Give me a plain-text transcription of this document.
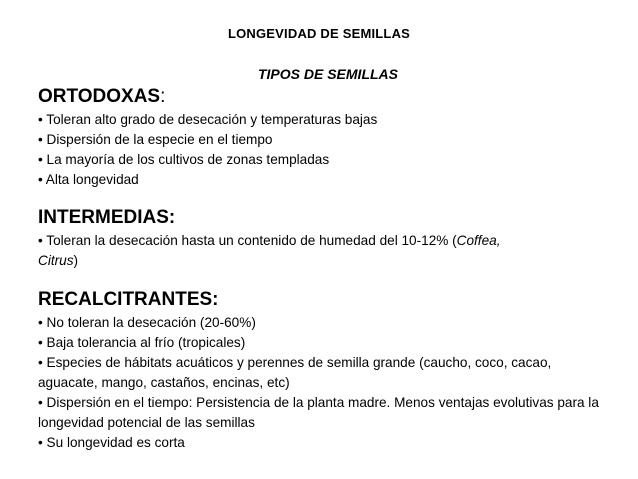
LONGEVIDAD DE SEMILLAS
TIPOS DE SEMILLAS
ORTODOXAS:
• Toleran alto grado de desecación y temperaturas bajas
• Dispersión de la especie en el tiempo
• La mayoría de los cultivos de zonas templadas
• Alta longevidad
INTERMEDIAS:
• Toleran la desecación hasta un contenido de humedad del 10-12% (Coffea,
Citrus)
RECALCITRANTES:
• No toleran la desecación (20-60%)
• Baja tolerancia al frío (tropicales)
• Especies de hábitats acuáticos y perennes de semilla grande (caucho, coco, cacao, aguacate, mango, castaños, encinas, etc)
• Dispersión en el tiempo: Persistencia de la planta madre. Menos ventajas evolutivas para la longevidad potencial de las semillas
• Su longevidad es corta
